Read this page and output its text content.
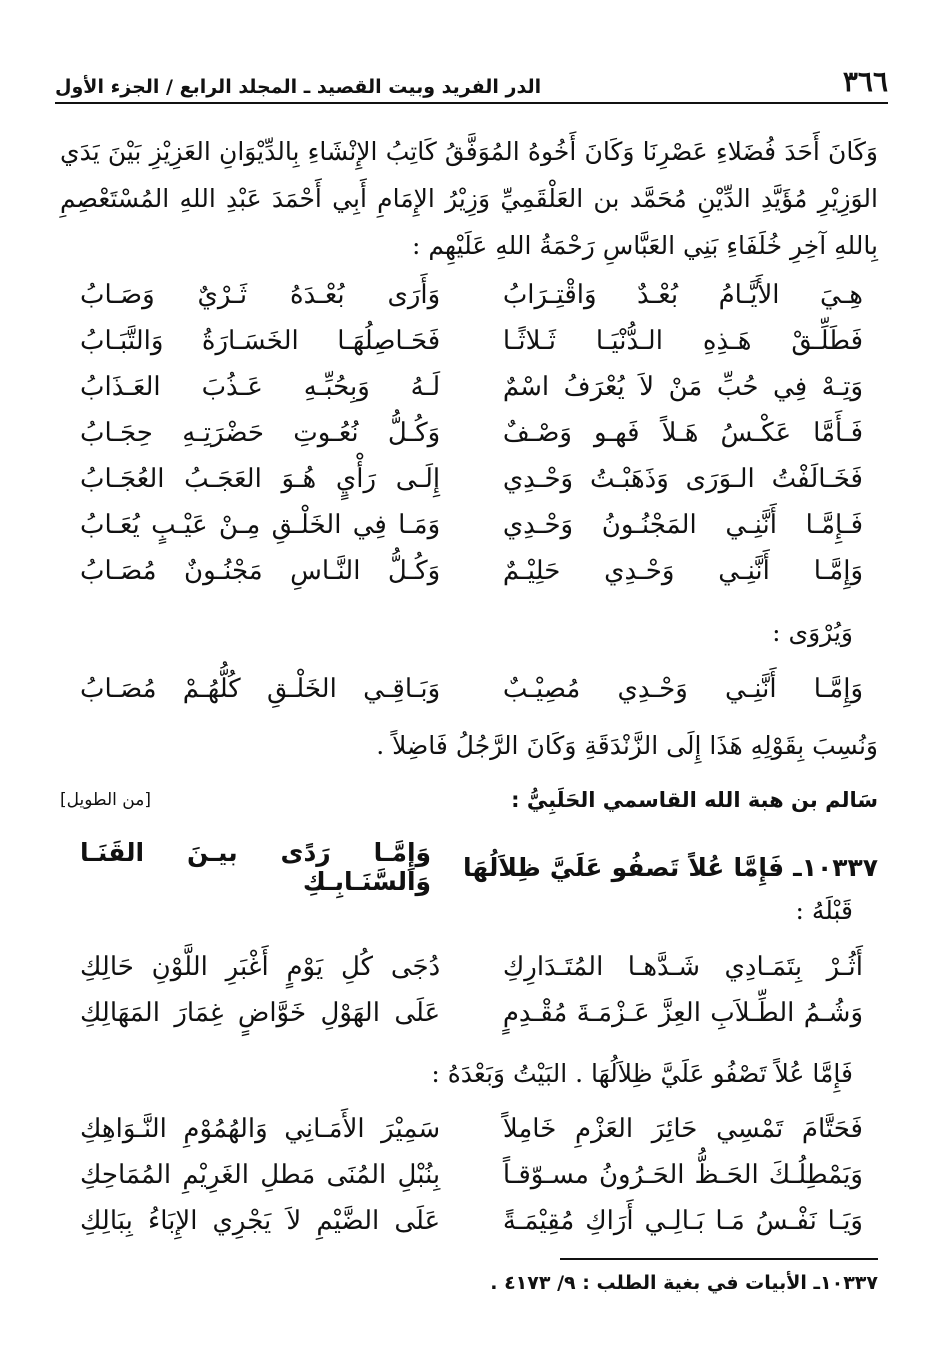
٣٦٦
الدر الفريد وبيت القصيد ـ المجلد الرابع / الجزء الأول
وَكَانَ أَحَدَ فُضَلاءِ عَصْرِنَا وَكَانَ أَخُوهُ المُوَفَّقُ كَاتِبُ الإِنْشَاءِ بِالدِّيْوَانِ العَزِيْزِ بَيْنَ يَدَي الوَزِيْرِ مُؤَيَّدِ الدِّيْنِ مُحَمَّد بن العَلْقَمِيِّ وَزِيْرُ الإِمَامِ أَبِي أَحْمَدَ عَبْدِ اللهِ المُسْتَعْصِمِ بِاللهِ آخِرِ خُلَفَاءِ بَنِي العَبَّاسِ رَحْمَةُ اللهِ عَلَيْهِم :
هِـيَ الأَيَّـامُ بُعْـدٌ وَاقْتِـرَابُ
وَأَرَى بُعْـدَهُ ثَـرْيٌ وَصَـابُ
فَطَلِّـقْ هَـذِهِ الـدُّنْيَـا ثَـلاثًـا
فَحَـاصِلُهَـا الخَسَـارَةُ وَالتَّبَـابُ
وَتِـهْ فِي حُبِّ مَنْ لاَ يُعْرَفُ اسْمٌ
لَـهُ وَبِحُبِّـهِ عَـذُبَ العَـذَابُ
فَـأَمَّا عَكْـسُ هَـلاً فَهـو وَصْـفٌ
وَكُـلُّ نُعُـوتِ حَضْرَتِـهِ حِجَـابُ
فَخَـالَفْتُ الـوَرَى وَذَهَبْـتُ وَحْـدِي
إِلَـى رَأْيٍ هُـوَ العَجَـبُ العُجَـابُ
فَـإِمَّـا أَنَّنِـي المَجْنُـونُ وَحْـدِي
وَمَـا فِي الخَلْـقِ مِـنْ عَيْـبٍ يُعَـابُ
وَإِمَّـا أَنَّنِـي وَحْـدِي حَلِيْـمٌ
وَكُـلُّ النَّـاسِ مَجْنُـونٌ مُصَـابُ
وَيُرْوَى :
وَإِمَّـا أَنَّنِـي وَحْـدِي مُصِيْـبٌ
وَبَـاقِـي الخَلْـقِ كُلُّهُـمْ مُصَـابُ
وَنُسِبَ بِقَوْلِهِ هَذَا إِلَى الزَّنْدَقَةِ وَكَانَ الرَّجُلُ فَاضِلاً .
سَالم بن هبة الله القاسمي الحَلَبِيُّ :
[من الطويل]
١٠٣٣٧ـ فَإِمَّا عُلاً تَصفُو عَلَيَّ ظِلاَلُهَا
وَإِمَّـا رَدًى بيـنَ القَنَـا وَالسَّنَـابِـكِ
قَبْلَهُ :
أَثُـرْ بِتَمَـادِي شَـدَّهـا المُتَـدَارِكِ
دُجَى كُلِ يَوْمٍ أَغْبَرِ اللَّوْنِ حَالِكِ
وَشُـمُ الطِّـلاَبِ العِزَّ عَـزْمَـةَ مُقْـدِمٍ
عَلَى الهَوْلِ خَوَّاضٍ غِمَارَ المَهَالِكِ
فَإِمَّا عُلاً تَصْفُو عَلَيَّ ظِلاَلُهَا . البَيْتُ وَبَعْدَهُ :
فَحَتَّامَ تَمْسِي حَائِرَ العَزْمِ خَامِلاً
سَمِيْرَ الأَمَـانِي وَالهُمُوْمِ النَّـوَاهِكِ
وَيَمْطِلُـكَ الحَـظُّ الحَـرُونُ مسـوّقـاً
بِنُبْلِ المُنَى مَطلِ الغَرِيْمِ المُمَاحِكِ
وَيَـا نَفْـسُ مَـا بَـالِـي أَرَاكِ مُقِيْمَـةً
عَلَى الضَّيْمِ لاَ يَجْرِي الإِبَاءُ بِبَالِكِ
١٠٣٣٧ـ الأبيات في بغية الطلب : ٩/ ٤١٧٣ .
